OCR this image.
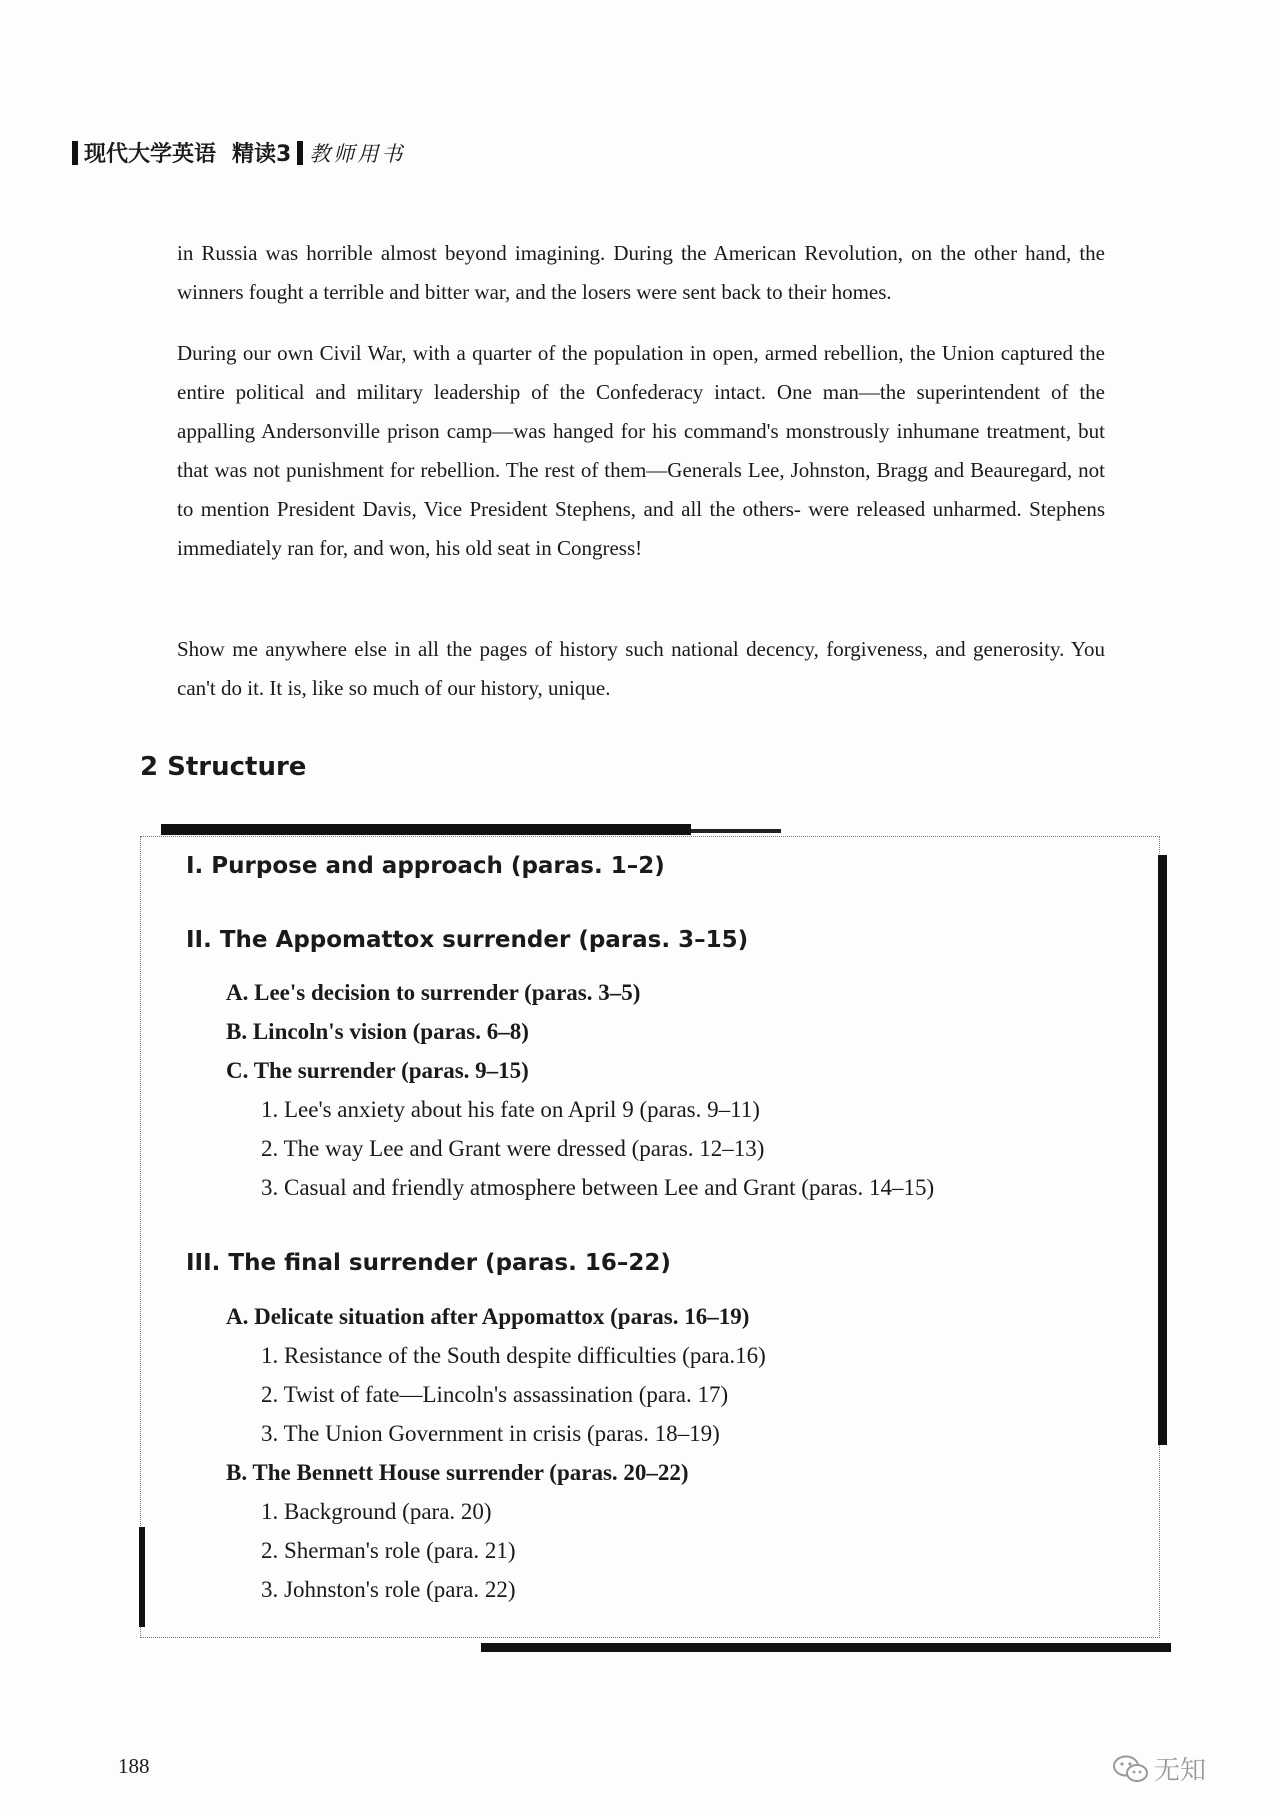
现代大学英语 精读3 教师用书

in Russia was horrible almost beyond imagining. During the American Revolution, on the other hand, the winners fought a terrible and bitter war, and the losers were sent back to their homes.

During our own Civil War, with a quarter of the population in open, armed rebellion, the Union captured the entire political and military leadership of the Confederacy intact. One man—the superintendent of the appalling Andersonville prison camp—was hanged for his command's monstrously inhumane treatment, but that was not punishment for rebellion. The rest of them—Generals Lee, Johnston, Bragg and Beauregard, not to mention President Davis, Vice President Stephens, and all the others- were released unharmed. Stephens immediately ran for, and won, his old seat in Congress!

Show me anywhere else in all the pages of history such national decency, forgiveness, and generosity. You can't do it. It is, like so much of our history, unique.

2 Structure
I. Purpose and approach (paras. 1–2)
II. The Appomattox surrender (paras. 3–15)
A. Lee's decision to surrender (paras. 3–5)
B. Lincoln's vision (paras. 6–8)
C. The surrender (paras. 9–15)
1. Lee's anxiety about his fate on April 9 (paras. 9–11)
2. The way Lee and Grant were dressed (paras. 12–13)
3. Casual and friendly atmosphere between Lee and Grant (paras. 14–15)
III. The final surrender (paras. 16–22)
A. Delicate situation after Appomattox (paras. 16–19)
1. Resistance of the South despite difficulties (para.16)
2. Twist of fate—Lincoln's assassination (para. 17)
3. The Union Government in crisis (paras. 18–19)
B. The Bennett House surrender (paras. 20–22)
1. Background (para. 20)
2. Sherman's role (para. 21)
3. Johnston's role (para. 22)
188	无知
